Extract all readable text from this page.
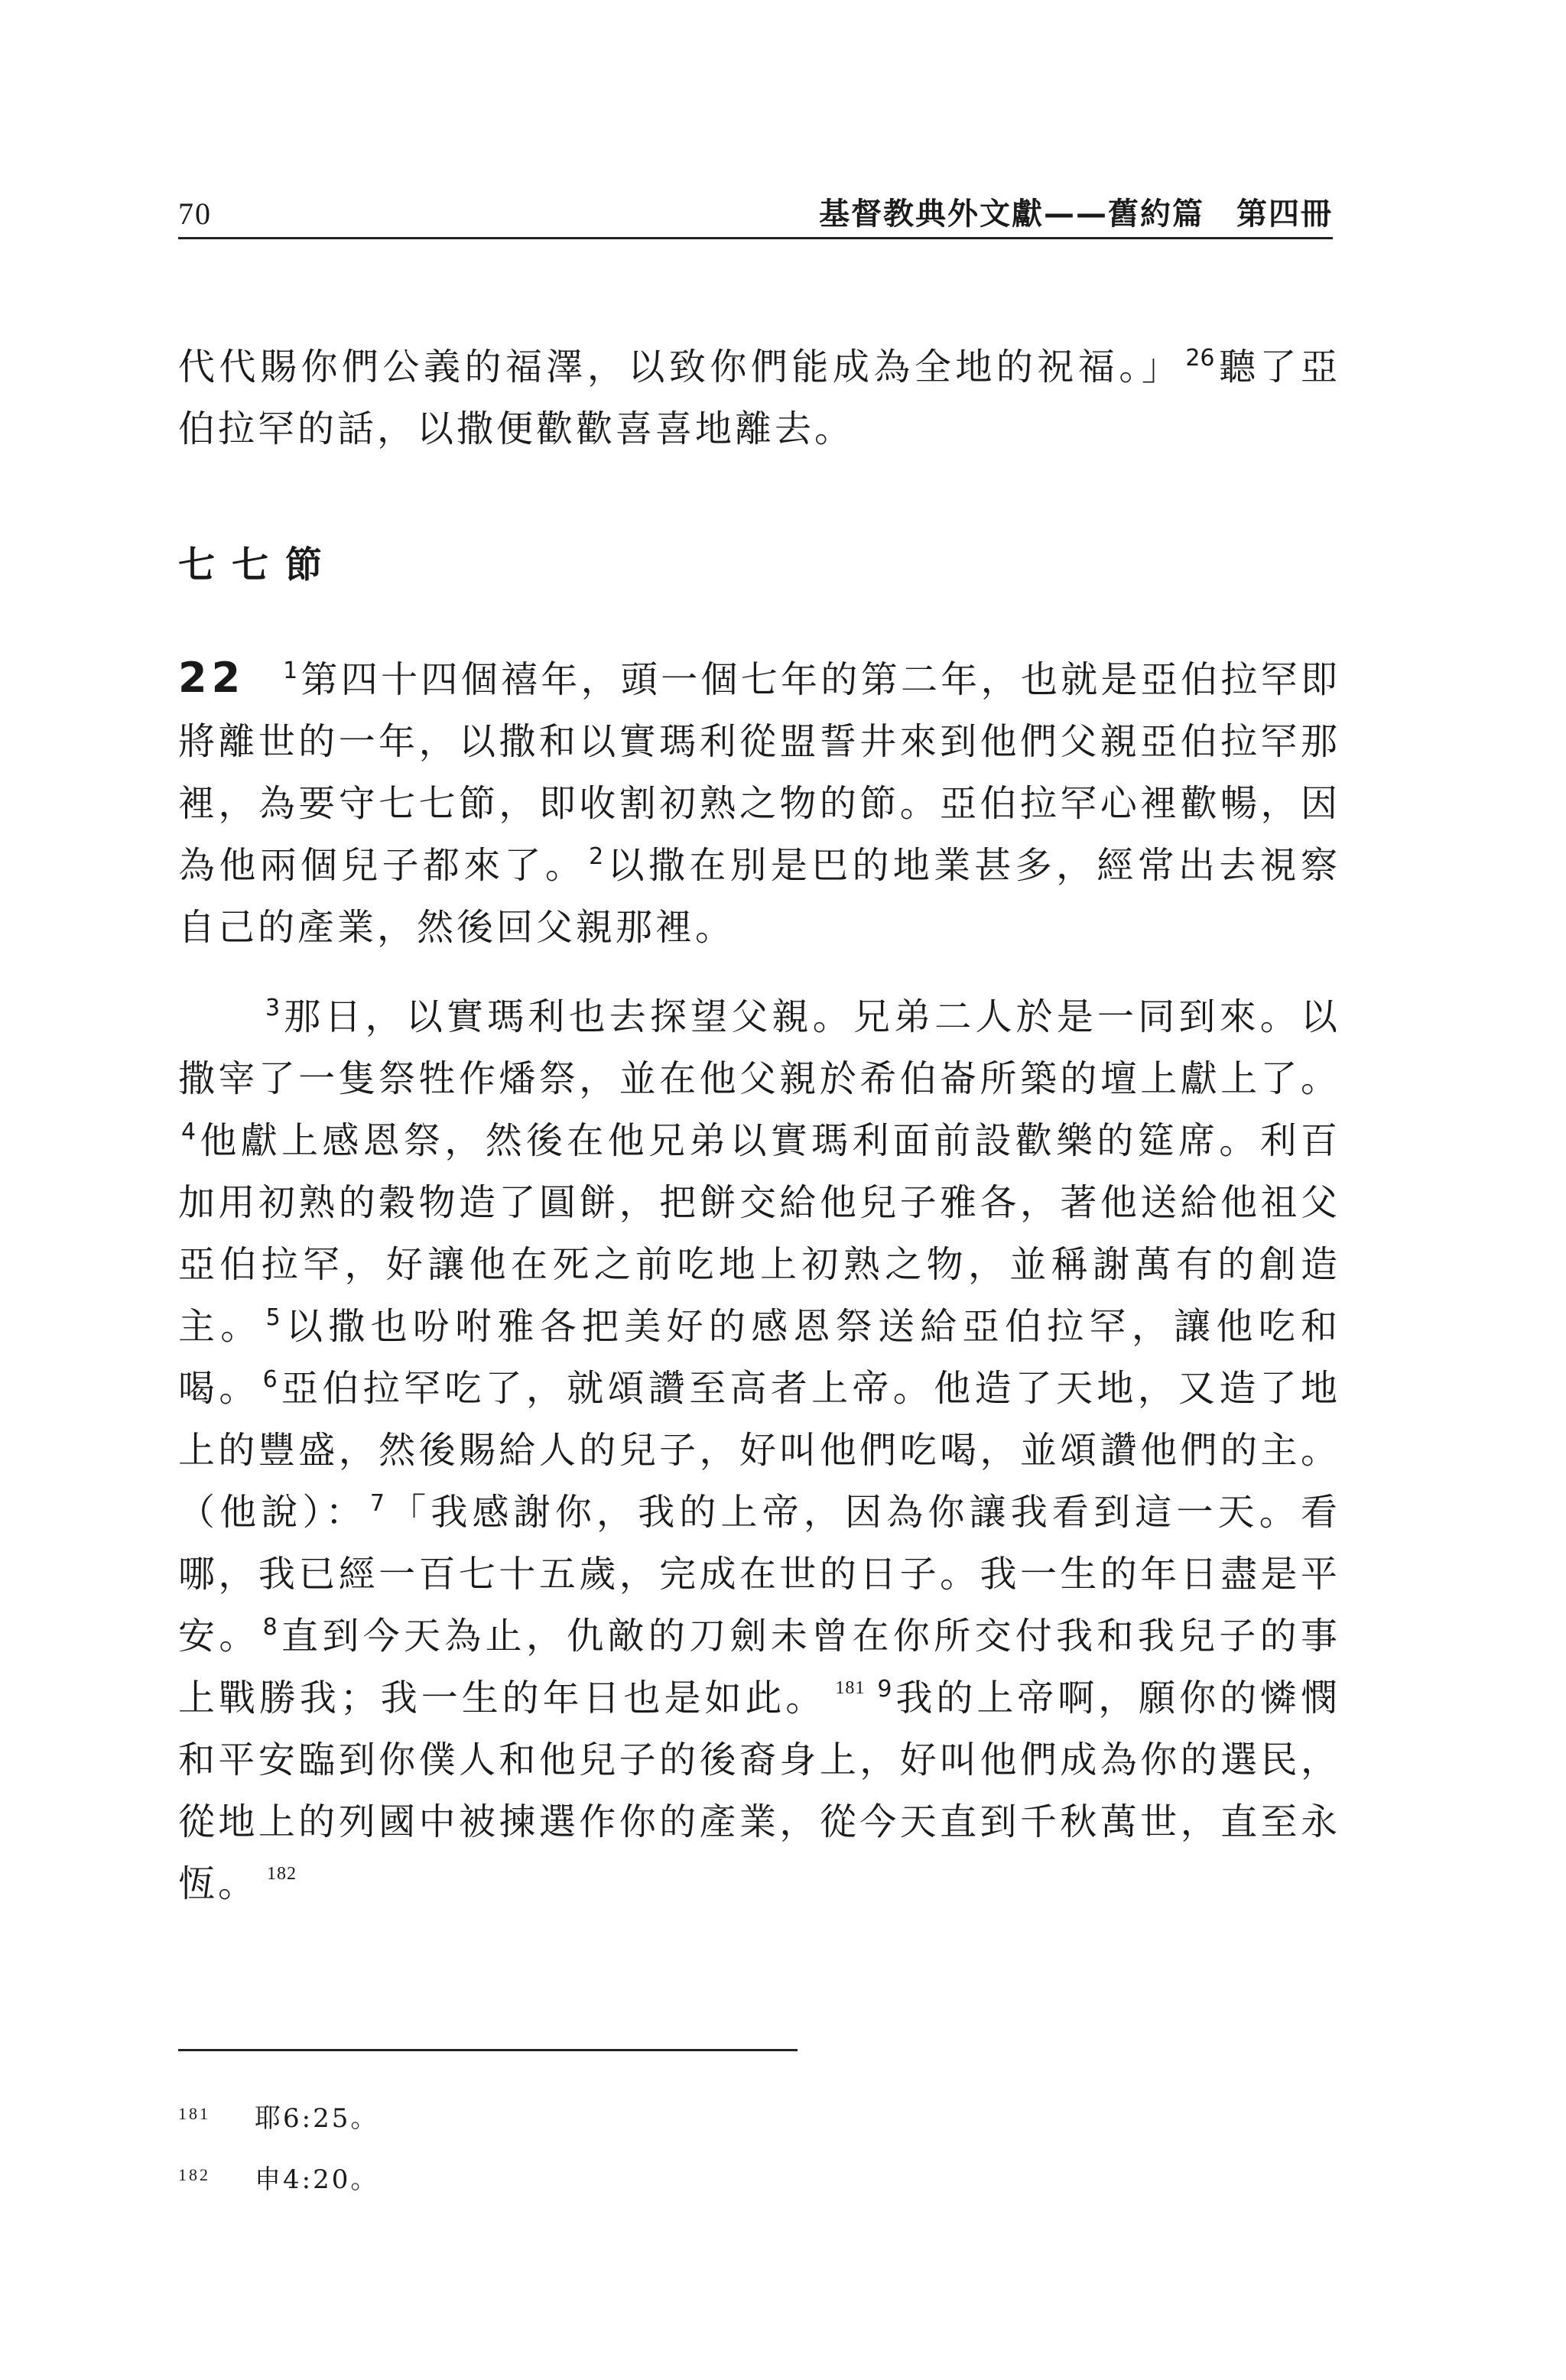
70	基督教典外文獻——舊約篇　第四冊
代代賜你們公義的福澤，以致你們能成為全地的祝福。」 $^{26}$聽了亞伯拉罕的話，以撒便歡歡喜喜地離去。
七七節
22 $^1$第四十四個禧年，頭一個七年的第二年，也就是亞伯拉罕即將離世的一年，以撒和以實瑪利從盟誓井來到他們父親亞伯拉罕那裡，為要守七七節，即收割初熟之物的節。亞伯拉罕心裡歡暢，因為他兩個兒子都來了。 $^2$以撒在別是巴的地業甚多，經常出去視察自己的產業，然後回父親那裡。
$^3$那日，以實瑪利也去探望父親。兄弟二人於是一同到來。以撒宰了一隻祭牲作燔祭，並在他父親於希伯崙所築的壇上獻上了。$^4$他獻上感恩祭，然後在他兄弟以實瑪利面前設歡樂的筵席。利百加用初熟的穀物造了圓餅，把餅交給他兒子雅各，著他送給他祖父亞伯拉罕，好讓他在死之前吃地上初熟之物，並稱謝萬有的創造主。 $^5$以撒也吩咐雅各把美好的感恩祭送給亞伯拉罕，讓他吃和喝。 $^6$亞伯拉罕吃了，就頌讚至高者上帝。他造了天地，又造了地上的豐盛，然後賜給人的兒子，好叫他們吃喝，並頌讚他們的主。（他說）： $^7$「我感謝你，我的上帝，因為你讓我看到這一天。看哪，我已經一百七十五歲，完成在世的日子。我一生的年日盡是平安。 $^8$直到今天為止，仇敵的刀劍未曾在你所交付我和我兒子的事上戰勝我；我一生的年日也是如此。 $^{181}$ $^9$我的上帝啊，願你的憐憫和平安臨到你僕人和他兒子的後裔身上，好叫他們成為你的選民，從地上的列國中被揀選作你的產業，從今天直到千秋萬世，直至永恆。 $^{182}$
181 耶6:25。
182 申4:20。
